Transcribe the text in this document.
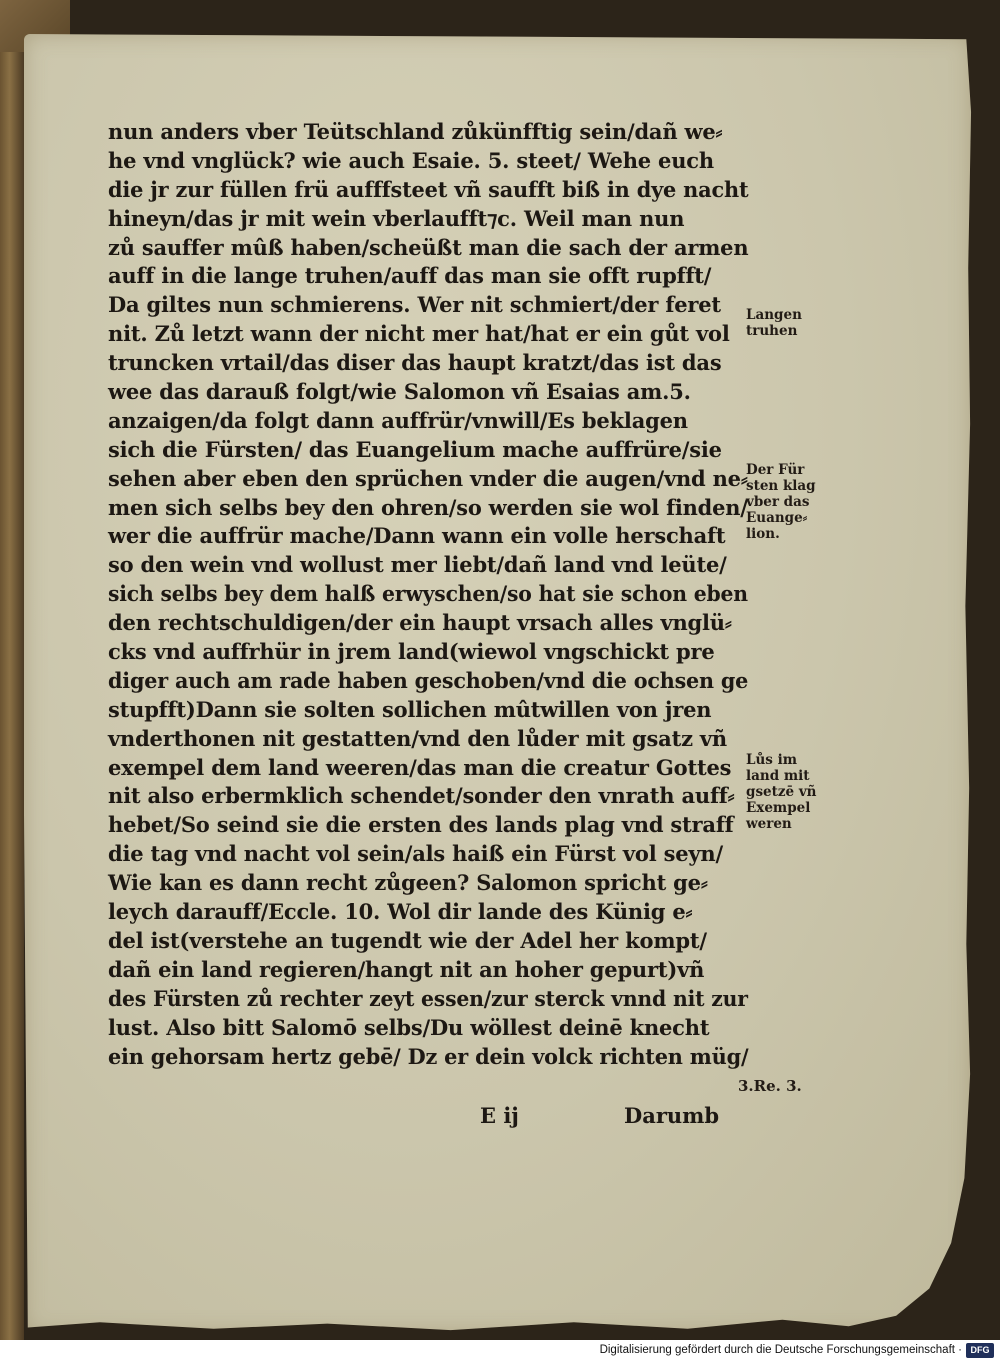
nun anders vber Teütschland zůkünfftig sein/dañ we⸗
he vnd vnglück? wie auch Esaie. 5. steet/ Wehe euch
die jr zur füllen frü aufffsteet vñ saufft biß in dye nacht
hineyn/das jr mit wein vberlaufft⁊c. Weil man nun
zů sauffer mûß haben/scheüßt man die sach der armen
auff in die lange truhen/auff das man sie offt rupfft/
Da giltes nun schmierens. Wer nit schmiert/der feret
nit. Zů letzt wann der nicht mer hat/hat er ein gůt vol
truncken vrtail/das diser das haupt kratzt/das ist das
wee das darauß folgt/wie Salomon vñ Esaias am.5.
anzaigen/da folgt dann auffrür/vnwill/Es beklagen
sich die Fürsten/ das Euangelium mache auffrüre/sie
sehen aber eben den sprüchen vnder die augen/vnd ne⸗
men sich selbs bey den ohren/so werden sie wol finden/
wer die auffrür mache/Dann wann ein volle herschaft
so den wein vnd wollust mer liebt/dañ land vnd leüte/
sich selbs bey dem halß erwyschen/so hat sie schon eben
den rechtschuldigen/der ein haupt vrsach alles vnglü⸗
cks vnd auffrhür in jrem land(wiewol vngschickt pre
diger auch am rade haben geschoben/vnd die ochsen ge
stupfft)Dann sie solten sollichen mûtwillen von jren
vnderthonen nit gestatten/vnd den lůder mit gsatz vñ
exempel dem land weeren/das man die creatur Gottes
nit also erbermklich schendet/sonder den vnrath auff⸗
hebet/So seind sie die ersten des lands plag vnd straff
die tag vnd nacht vol sein/als haiß ein Fürst vol seyn/
Wie kan es dann recht zůgeen? Salomon spricht ge⸗
leych darauff/Eccle. 10. Wol dir lande des Künig e⸗
del ist(verstehe an tugendt wie der Adel her kompt/
dañ ein land regieren/hangt nit an hoher gepurt)vñ
des Fürsten zů rechter zeyt essen/zur sterck vnnd nit zur
lust. Also bitt Salomō selbs/Du wöllest deinē knecht
ein gehorsam hertz gebē/ Dz er dein volck richten müg/
E ij	Darumb
Langen
truhen
Der Für
sten klag
vber das
Euange⸗
lion.
Lůs im
land mit
gsetzē vñ
Exempel
weren
3.Re. 3.
Digitalisierung gefördert durch die Deutsche Forschungsgemeinschaft · DFG
